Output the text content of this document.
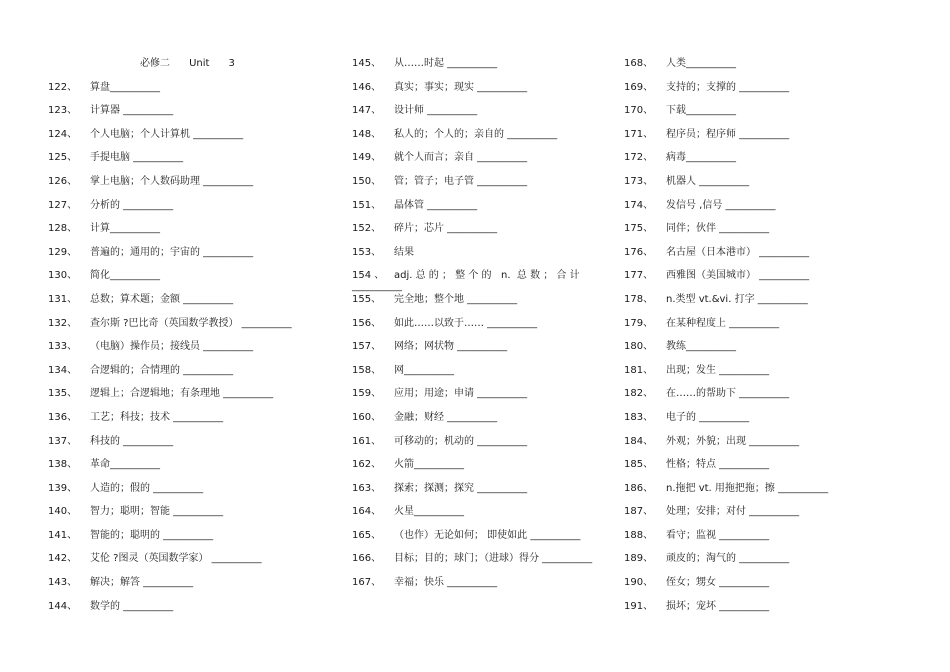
必修二      Unit      3
122、 算盘__________
123、 计算器 __________
124、 个人电脑；个人计算机 __________
125、 手提电脑 __________
126、 掌上电脑；个人数码助理 __________
127、 分析的 __________
128、 计算__________
129、 普遍的；通用的；宇宙的 __________
130、 简化__________
131、 总数；算术题；金额 __________
132、 查尔斯 ?巴比奇（英国数学教授） __________
133、 （电脑）操作员；接线员 __________
134、 合逻辑的；合情理的 __________
135、 逻辑上；合逻辑地；有条理地 __________
136、 工艺；科技；技术 __________
137、 科技的 __________
138、 革命__________
139、 人造的；假的 __________
140、 智力；聪明；智能 __________
141、 智能的；聪明的 __________
142、 艾伦 ?图灵（英国数学家） __________
143、 解决；解答 __________
144、 数学的 __________
145、 从……时起 __________
146、 真实；事实；现实 __________
147、 设计师 __________
148、 私人的；个人的；亲自的 __________
149、 就个人而言；亲自 __________
150、 管；管子；电子管 __________
151、 晶体管 __________
152、 碎片；芯片 __________
153、 结果
154 、 adj. 总 的 ； 整 个 的   n.  总 数 ； 合 计
__________
155、 完全地；整个地 __________
156、 如此……以致于…… __________
157、 网络；网状物 __________
158、 网__________
159、 应用；用途；申请 __________
160、 金融；财经 __________
161、 可移动的；机动的 __________
162、 火箭__________
163、 探索；探测；探究 __________
164、 火星__________
165、 （也作）无论如何； 即使如此 __________
166、 目标；目的；球门；（进球）得分 __________
167、 幸福；快乐 __________
168、 人类__________
169、 支持的；支撑的 __________
170、 下载__________
171、 程序员；程序师 __________
172、 病毒__________
173、 机器人 __________
174、 发信号 ,信号 __________
175、 同伴；伙伴 __________
176、 名古屋（日本港市） __________
177、 西雅图（美国城市） __________
178、 n.类型 vt.&vi. 打字 __________
179、 在某种程度上 __________
180、 教练__________
181、 出现；发生 __________
182、 在……的帮助下 __________
183、 电子的 __________
184、 外观；外貌；出现 __________
185、 性格；特点 __________
186、 n.拖把 vt. 用拖把拖；擦 __________
187、 处理；安排；对付 __________
188、 看守；监视 __________
189、 顽皮的；淘气的 __________
190、 侄女；甥女 __________
191、 损坏；宠坏 __________
